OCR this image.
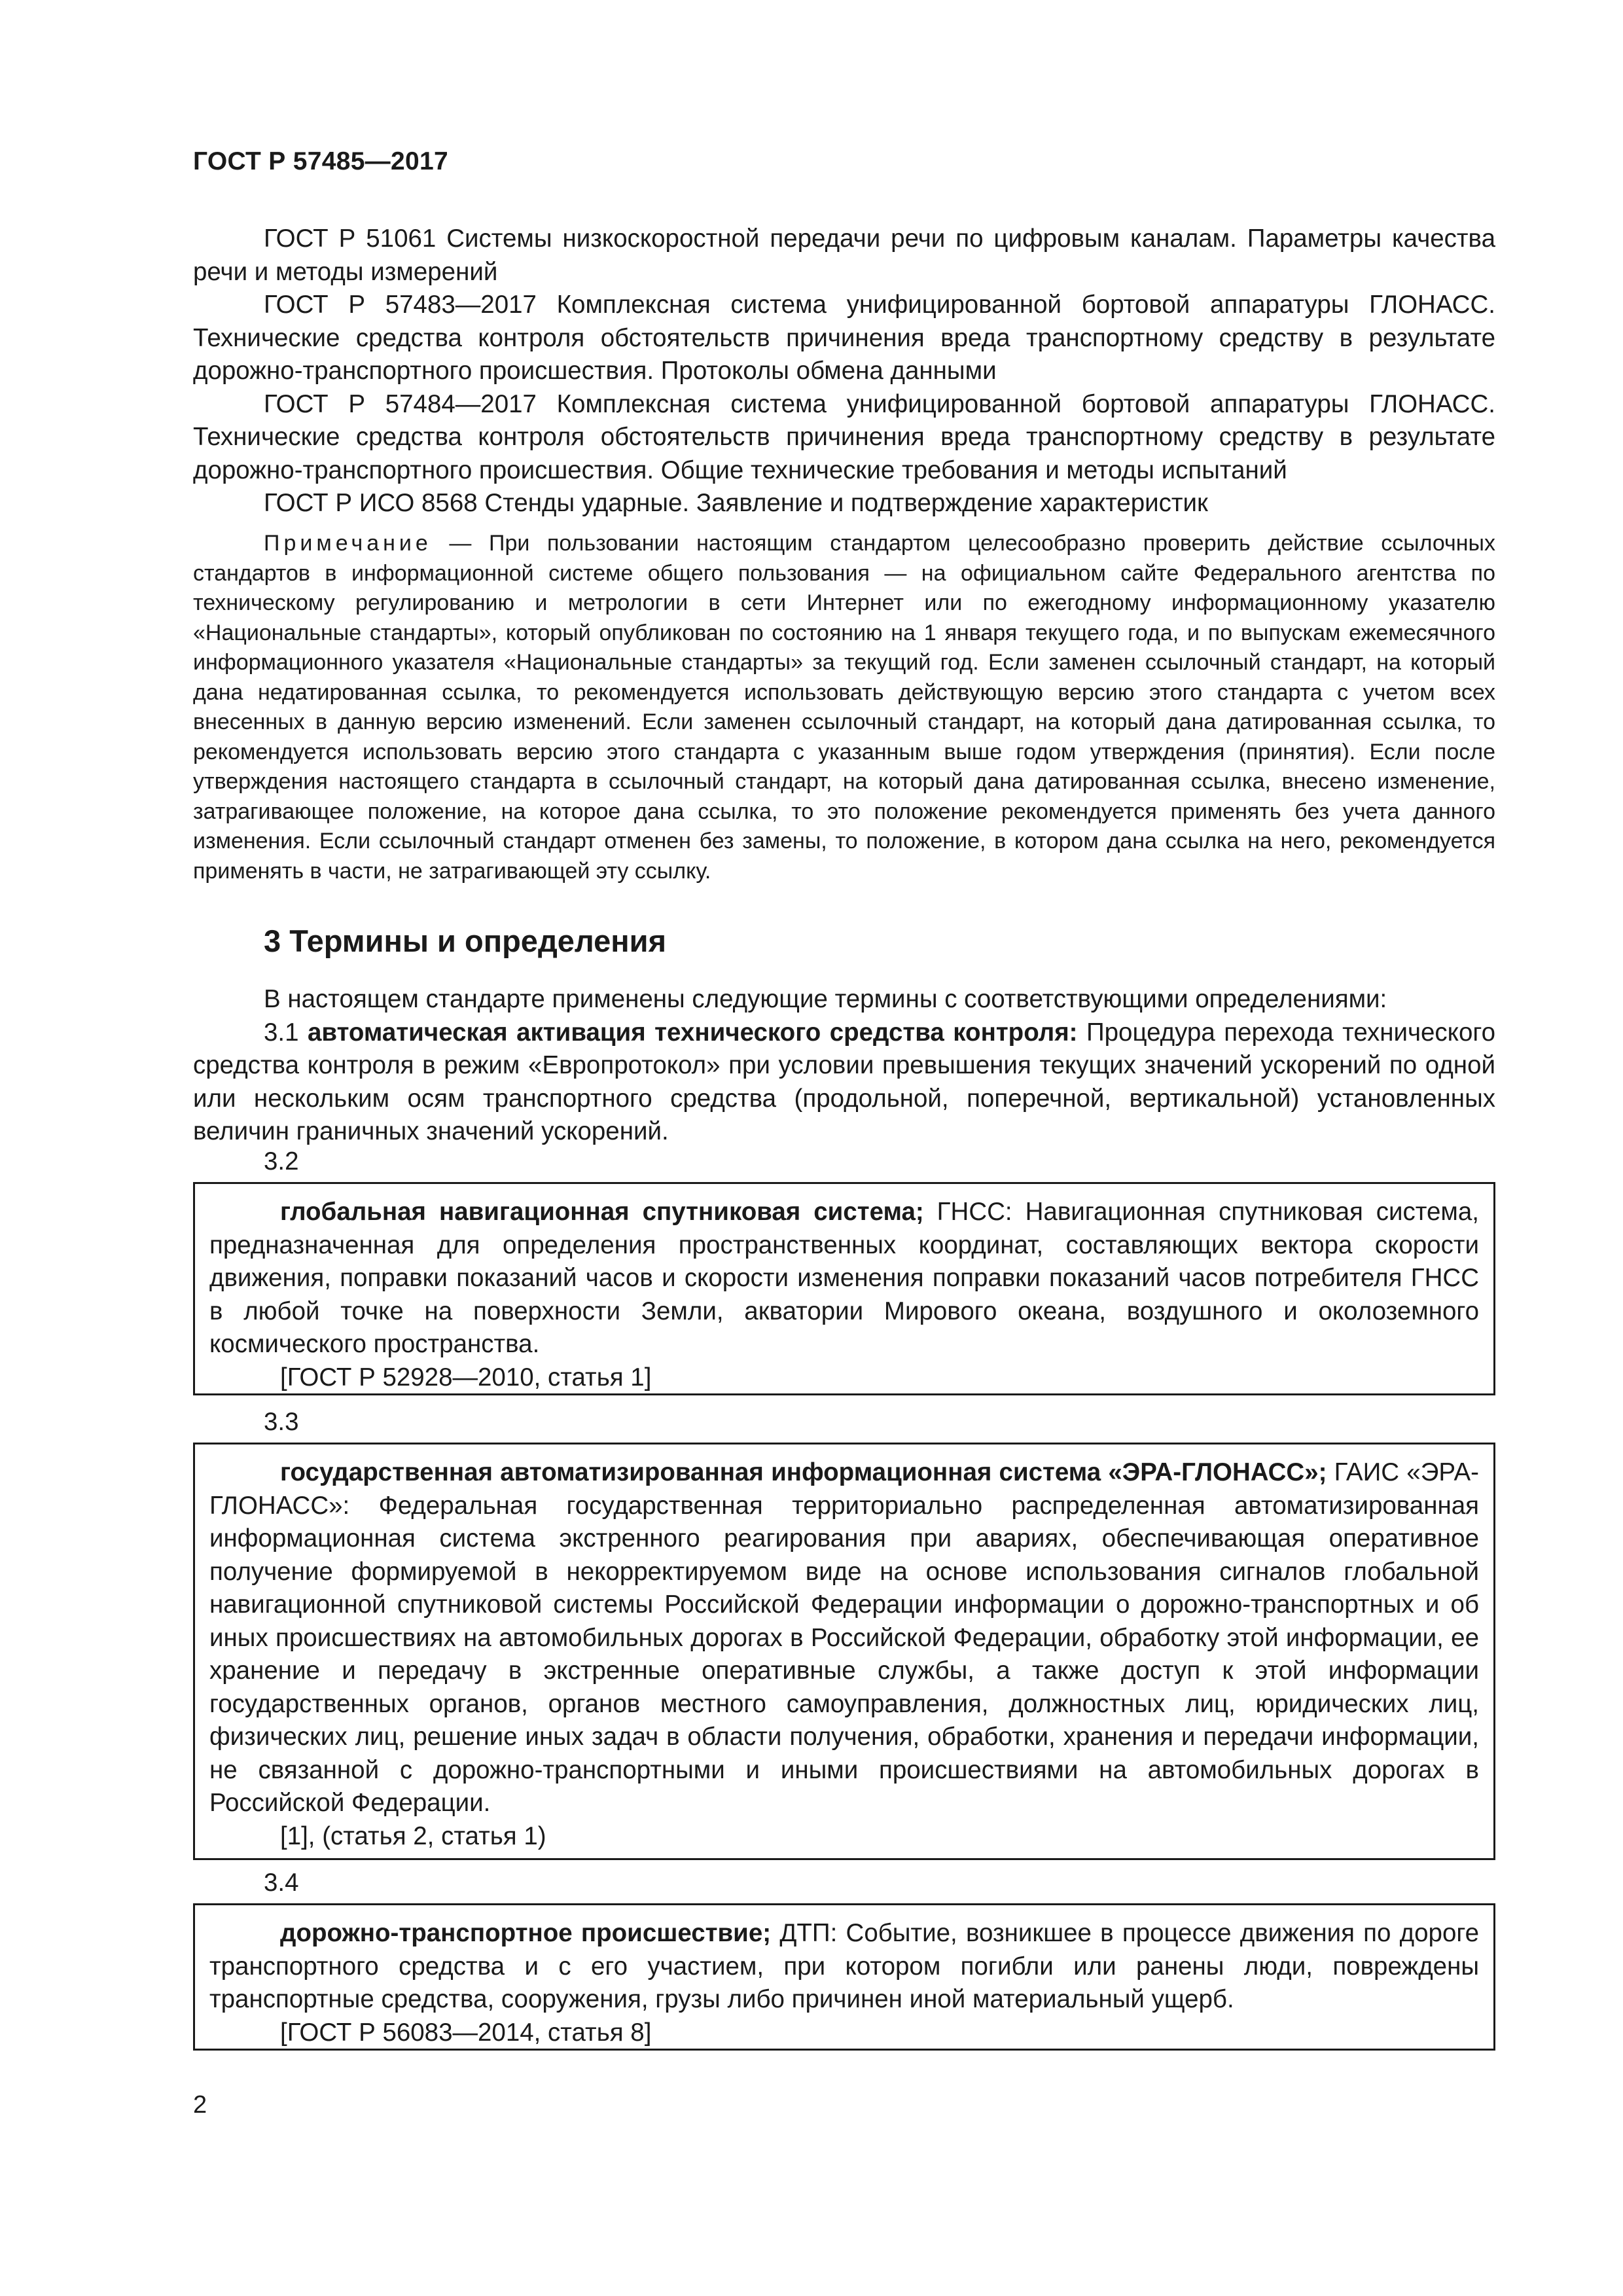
ГОСТ Р 57485—2017

ГОСТ Р 51061 Системы низкоскоростной передачи речи по цифровым каналам. Параметры качества речи и методы измерений

ГОСТ Р 57483—2017 Комплексная система унифицированной бортовой аппаратуры ГЛОНАСС. Технические средства контроля обстоятельств причинения вреда транспортному средству в результате дорожно-транспортного происшествия. Протоколы обмена данными

ГОСТ Р 57484—2017 Комплексная система унифицированной бортовой аппаратуры ГЛОНАСС. Технические средства контроля обстоятельств причинения вреда транспортному средству в результате дорожно-транспортного происшествия. Общие технические требования и методы испытаний

ГОСТ Р ИСО 8568 Стенды ударные. Заявление и подтверждение характеристик

Примечание — При пользовании настоящим стандартом целесообразно проверить действие ссылочных стандартов в информационной системе общего пользования — на официальном сайте Федерального агентства по техническому регулированию и метрологии в сети Интернет или по ежегодному информационному указателю «Национальные стандарты», который опубликован по состоянию на 1 января текущего года, и по выпускам ежемесячного информационного указателя «Национальные стандарты» за текущий год. Если заменен ссылочный стандарт, на который дана недатированная ссылка, то рекомендуется использовать действующую версию этого стандарта с учетом всех внесенных в данную версию изменений. Если заменен ссылочный стандарт, на который дана датированная ссылка, то рекомендуется использовать версию этого стандарта с указанным выше годом утверждения (принятия). Если после утверждения настоящего стандарта в ссылочный стандарт, на который дана датированная ссылка, внесено изменение, затрагивающее положение, на которое дана ссылка, то это положение рекомендуется применять без учета данного изменения. Если ссылочный стандарт отменен без замены, то положение, в котором дана ссылка на него, рекомендуется применять в части, не затрагивающей эту ссылку.

3 Термины и определения

В настоящем стандарте применены следующие термины с соответствующими определениями:

3.1 автоматическая активация технического средства контроля: Процедура перехода технического средства контроля в режим «Европротокол» при условии превышения текущих значений ускорений по одной или нескольким осям транспортного средства (продольной, поперечной, вертикальной) установленных величин граничных значений ускорений.

3.2

глобальная навигационная спутниковая система; ГНСС: Навигационная спутниковая система, предназначенная для определения пространственных координат, составляющих вектора скорости движения, поправки показаний часов и скорости изменения поправки показаний часов потребителя ГНСС в любой точке на поверхности Земли, акватории Мирового океана, воздушного и околоземного космического пространства.

[ГОСТ Р 52928—2010, статья 1]

3.3

государственная автоматизированная информационная система «ЭРА-ГЛОНАСС»; ГАИС «ЭРА-ГЛОНАСС»: Федеральная государственная территориально распределенная автоматизированная информационная система экстренного реагирования при авариях, обеспечивающая оперативное получение формируемой в некорректируемом виде на основе использования сигналов глобальной навигационной спутниковой системы Российской Федерации информации о дорожно-транспортных и об иных происшествиях на автомобильных дорогах в Российской Федерации, обработку этой информации, ее хранение и передачу в экстренные оперативные службы, а также доступ к этой информации государственных органов, органов местного самоуправления, должностных лиц, юридических лиц, физических лиц, решение иных задач в области получения, обработки, хранения и передачи информации, не связанной с дорожно-транспортными и иными происшествиями на автомобильных дорогах в Российской Федерации.

[1], (статья 2, статья 1)

3.4

дорожно-транспортное происшествие; ДТП: Событие, возникшее в процессе движения по дороге транспортного средства и с его участием, при котором погибли или ранены люди, повреждены транспортные средства, сооружения, грузы либо причинен иной материальный ущерб.

[ГОСТ Р 56083—2014, статья 8]

2
